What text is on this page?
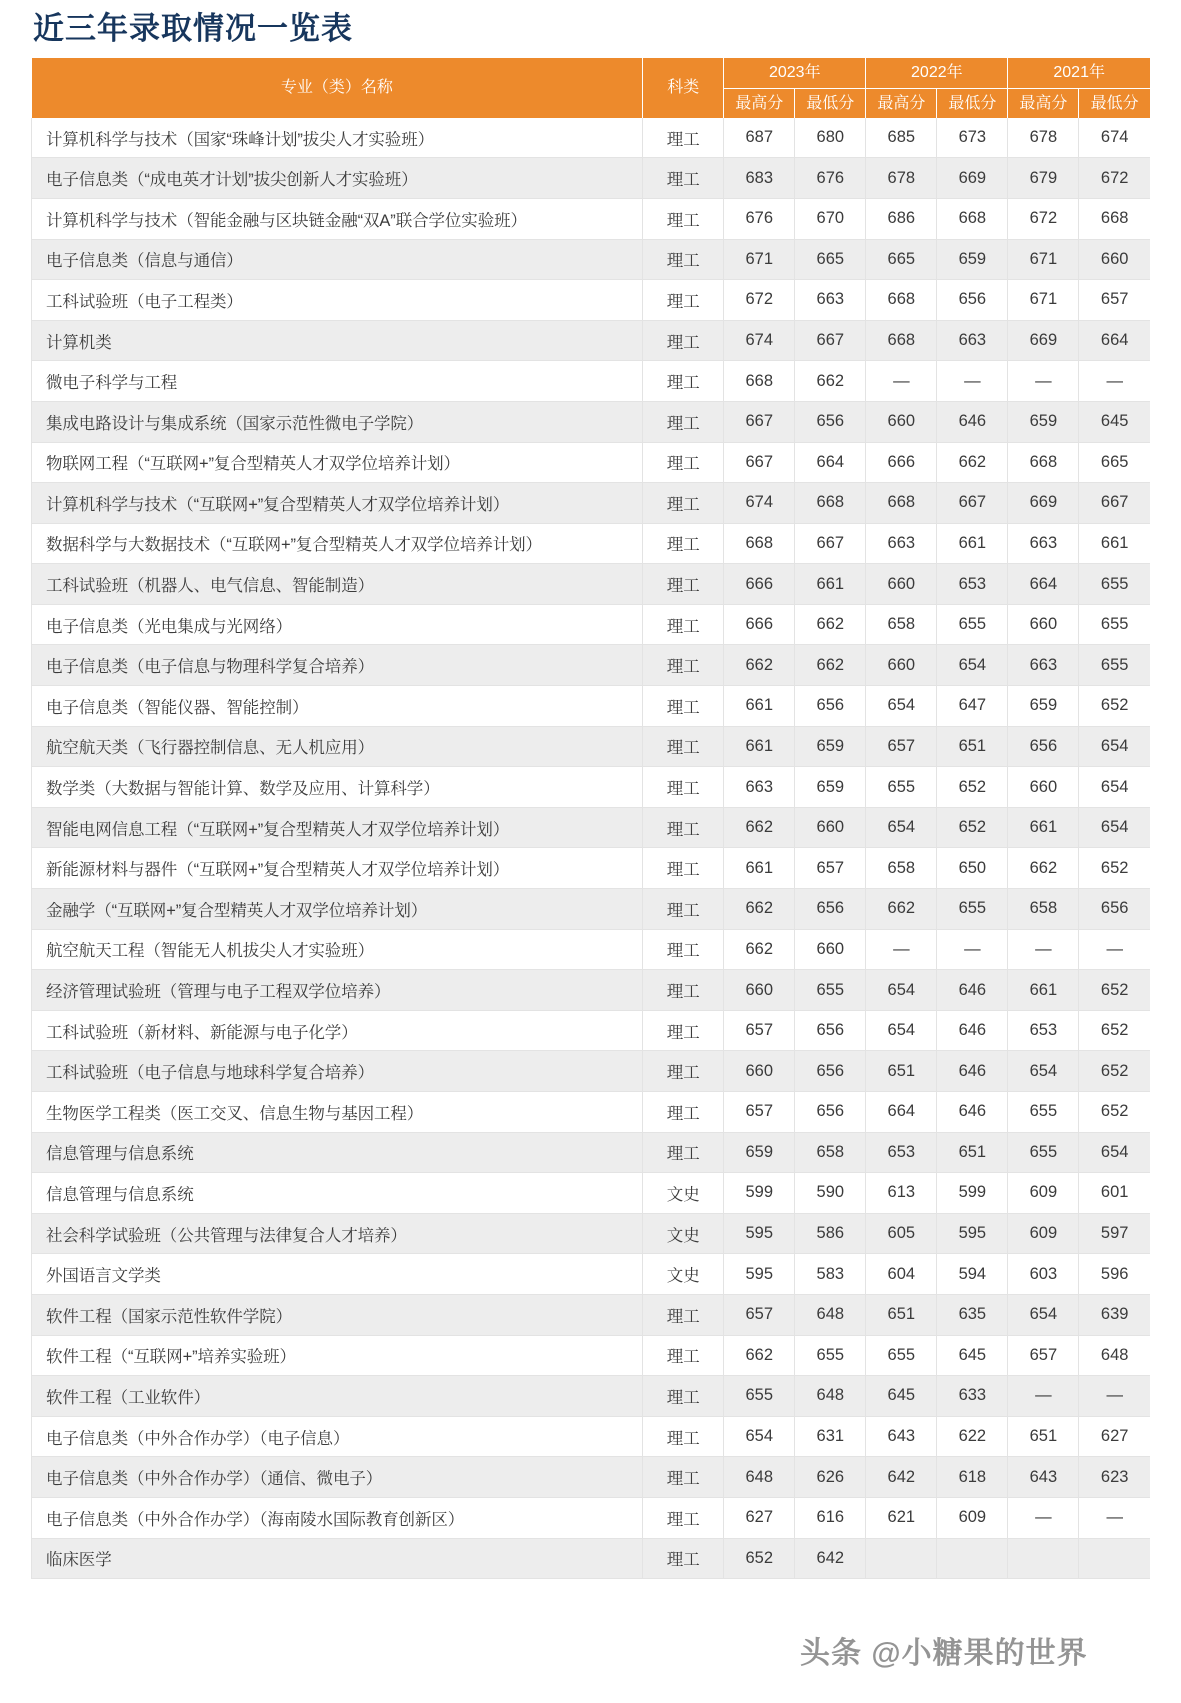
近三年录取情况一览表
专业（类）名称	科类	2023年		2022年		2021年	
		最高分	最低分	最高分	最低分	最高分	最低分
计算机科学与技术（国家“珠峰计划”拔尖人才实验班）	理工	687	680	685	673	678	674
电子信息类（“成电英才计划”拔尖创新人才实验班）	理工	683	676	678	669	679	672
计算机科学与技术（智能金融与区块链金融“双A”联合学位实验班）	理工	676	670	686	668	672	668
电子信息类（信息与通信）	理工	671	665	665	659	671	660
工科试验班（电子工程类）	理工	672	663	668	656	671	657
计算机类	理工	674	667	668	663	669	664
微电子科学与工程	理工	668	662	—	—	—	—
集成电路设计与集成系统（国家示范性微电子学院）	理工	667	656	660	646	659	645
物联网工程（“互联网+”复合型精英人才双学位培养计划）	理工	667	664	666	662	668	665
计算机科学与技术（“互联网+”复合型精英人才双学位培养计划）	理工	674	668	668	667	669	667
数据科学与大数据技术（“互联网+”复合型精英人才双学位培养计划）	理工	668	667	663	661	663	661
工科试验班（机器人、电气信息、智能制造）	理工	666	661	660	653	664	655
电子信息类（光电集成与光网络）	理工	666	662	658	655	660	655
电子信息类（电子信息与物理科学复合培养）	理工	662	662	660	654	663	655
电子信息类（智能仪器、智能控制）	理工	661	656	654	647	659	652
航空航天类（飞行器控制信息、无人机应用）	理工	661	659	657	651	656	654
数学类（大数据与智能计算、数学及应用、计算科学）	理工	663	659	655	652	660	654
智能电网信息工程（“互联网+”复合型精英人才双学位培养计划）	理工	662	660	654	652	661	654
新能源材料与器件（“互联网+”复合型精英人才双学位培养计划）	理工	661	657	658	650	662	652
金融学（“互联网+”复合型精英人才双学位培养计划）	理工	662	656	662	655	658	656
航空航天工程（智能无人机拔尖人才实验班）	理工	662	660	—	—	—	—
经济管理试验班（管理与电子工程双学位培养）	理工	660	655	654	646	661	652
工科试验班（新材料、新能源与电子化学）	理工	657	656	654	646	653	652
工科试验班（电子信息与地球科学复合培养）	理工	660	656	651	646	654	652
生物医学工程类（医工交叉、信息生物与基因工程）	理工	657	656	664	646	655	652
信息管理与信息系统	理工	659	658	653	651	655	654
信息管理与信息系统	文史	599	590	613	599	609	601
社会科学试验班（公共管理与法律复合人才培养）	文史	595	586	605	595	609	597
外国语言文学类	文史	595	583	604	594	603	596
软件工程（国家示范性软件学院）	理工	657	648	651	635	654	639
软件工程（“互联网+”培养实验班）	理工	662	655	655	645	657	648
软件工程（工业软件）	理工	655	648	645	633	—	—
电子信息类（中外合作办学）（电子信息）	理工	654	631	643	622	651	627
电子信息类（中外合作办学）（通信、微电子）	理工	648	626	642	618	643	623
电子信息类（中外合作办学）（海南陵水国际教育创新区）	理工	627	616	621	609	—	—
临床医学	理工	652	642				
头条 @小糖果的世界
